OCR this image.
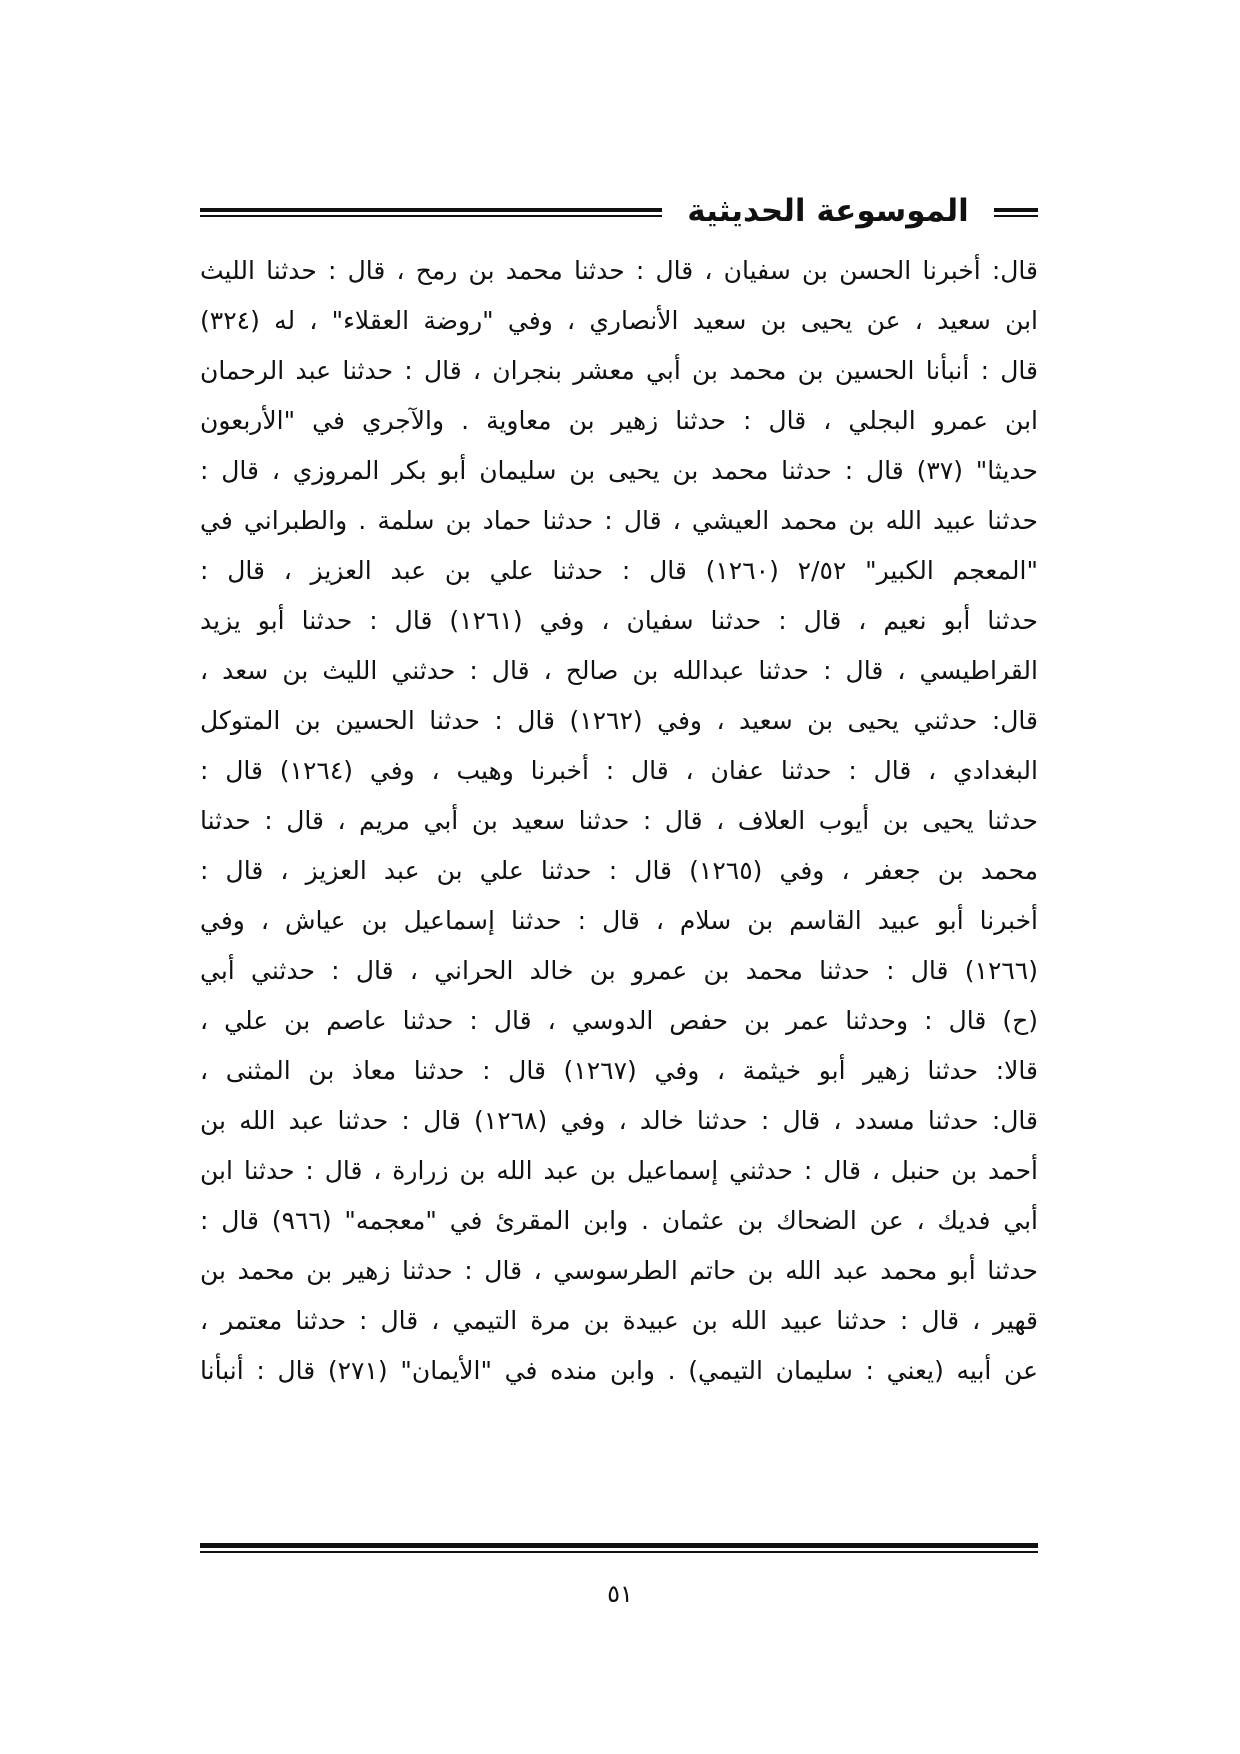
الموسوعة الحديثية
قال: أخبرنا الحسن بن سفيان ، قال : حدثنا محمد بن رمح ، قال : حدثنا الليث
ابن سعيد ، عن يحيى بن سعيد الأنصاري ، وفي "روضة العقلاء" ، له (٣٢٤)
قال : أنبأنا الحسين بن محمد بن أبي معشر بنجران ، قال : حدثنا عبد الرحمان
ابن عمرو البجلي ، قال : حدثنا زهير بن معاوية . والآجري في "الأربعون
حديثا" (٣٧) قال : حدثنا محمد بن يحيى بن سليمان أبو بكر المروزي ، قال :
حدثنا عبيد الله بن محمد العيشي ، قال : حدثنا حماد بن سلمة . والطبراني في
"المعجم الكبير" ٢/٥٢ (١٢٦٠) قال : حدثنا علي بن عبد العزيز ، قال :
حدثنا أبو نعيم ، قال : حدثنا سفيان ، وفي (١٢٦١) قال : حدثنا أبو يزيد
القراطيسي ، قال : حدثنا عبدالله بن صالح ، قال : حدثني الليث بن سعد ،
قال: حدثني يحيى بن سعيد ، وفي (١٢٦٢) قال : حدثنا الحسين بن المتوكل
البغدادي ، قال : حدثنا عفان ، قال : أخبرنا وهيب ، وفي (١٢٦٤) قال :
حدثنا يحيى بن أيوب العلاف ، قال : حدثنا سعيد بن أبي مريم ، قال : حدثنا
محمد بن جعفر ، وفي (١٢٦٥) قال : حدثنا علي بن عبد العزيز ، قال :
أخبرنا أبو عبيد القاسم بن سلام ، قال : حدثنا إسماعيل بن عياش ، وفي
(١٢٦٦) قال : حدثنا محمد بن عمرو بن خالد الحراني ، قال : حدثني أبي
(ح) قال : وحدثنا عمر بن حفص الدوسي ، قال : حدثنا عاصم بن علي ،
قالا: حدثنا زهير أبو خيثمة ، وفي (١٢٦٧) قال : حدثنا معاذ بن المثنى ،
قال: حدثنا مسدد ، قال : حدثنا خالد ، وفي (١٢٦٨) قال : حدثنا عبد الله بن
أحمد بن حنبل ، قال : حدثني إسماعيل بن عبد الله بن زرارة ، قال : حدثنا ابن
أبي فديك ، عن الضحاك بن عثمان . وابن المقرئ في "معجمه" (٩٦٦) قال :
حدثنا أبو محمد عبد الله بن حاتم الطرسوسي ، قال : حدثنا زهير بن محمد بن
قهير ، قال : حدثنا عبيد الله بن عبيدة بن مرة التيمي ، قال : حدثنا معتمر ،
عن أبيه (يعني : سليمان التيمي) . وابن منده في "الأيمان" (٢٧١) قال : أنبأنا
٥١
